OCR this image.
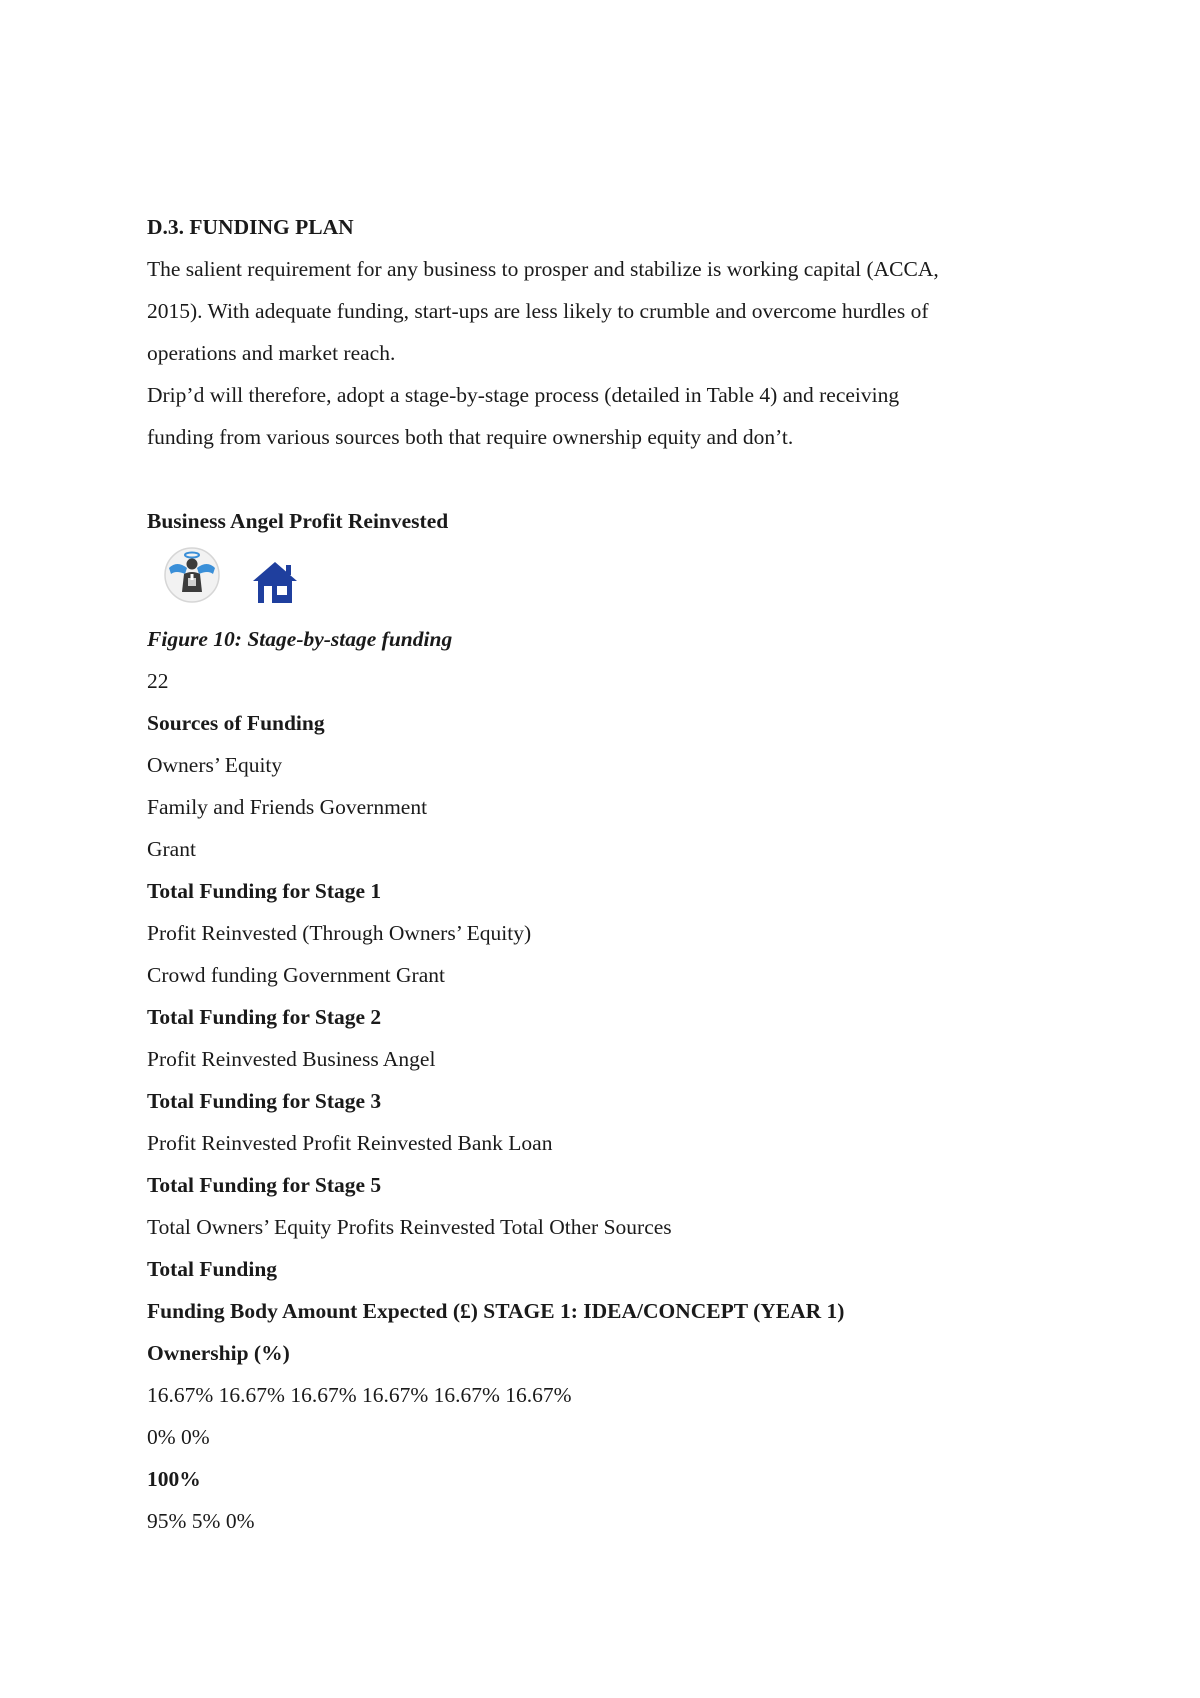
D.3. FUNDING PLAN
The salient requirement for any business to prosper and stabilize is working capital (ACCA,
2015). With adequate funding, start-ups are less likely to crumble and overcome hurdles of
operations and market reach.
Drip’d will therefore, adopt a stage-by-stage process (detailed in Table 4) and receiving
funding from various sources both that require ownership equity and don’t.
Business Angel Profit Reinvested
Figure 10: Stage-by-stage funding
22
Sources of Funding
Owners’ Equity
Family and Friends Government
Grant
Total Funding for Stage 1
Profit Reinvested (Through Owners’ Equity)
Crowd funding Government Grant
Total Funding for Stage 2
Profit Reinvested Business Angel
Total Funding for Stage 3
Profit Reinvested Profit Reinvested Bank Loan
Total Funding for Stage 5
Total Owners’ Equity Profits Reinvested Total Other Sources
Total Funding
Funding Body Amount Expected (£) STAGE 1: IDEA/CONCEPT (YEAR 1)
Ownership (%)
16.67% 16.67% 16.67% 16.67% 16.67% 16.67%
0% 0%
100%
95% 5% 0%
